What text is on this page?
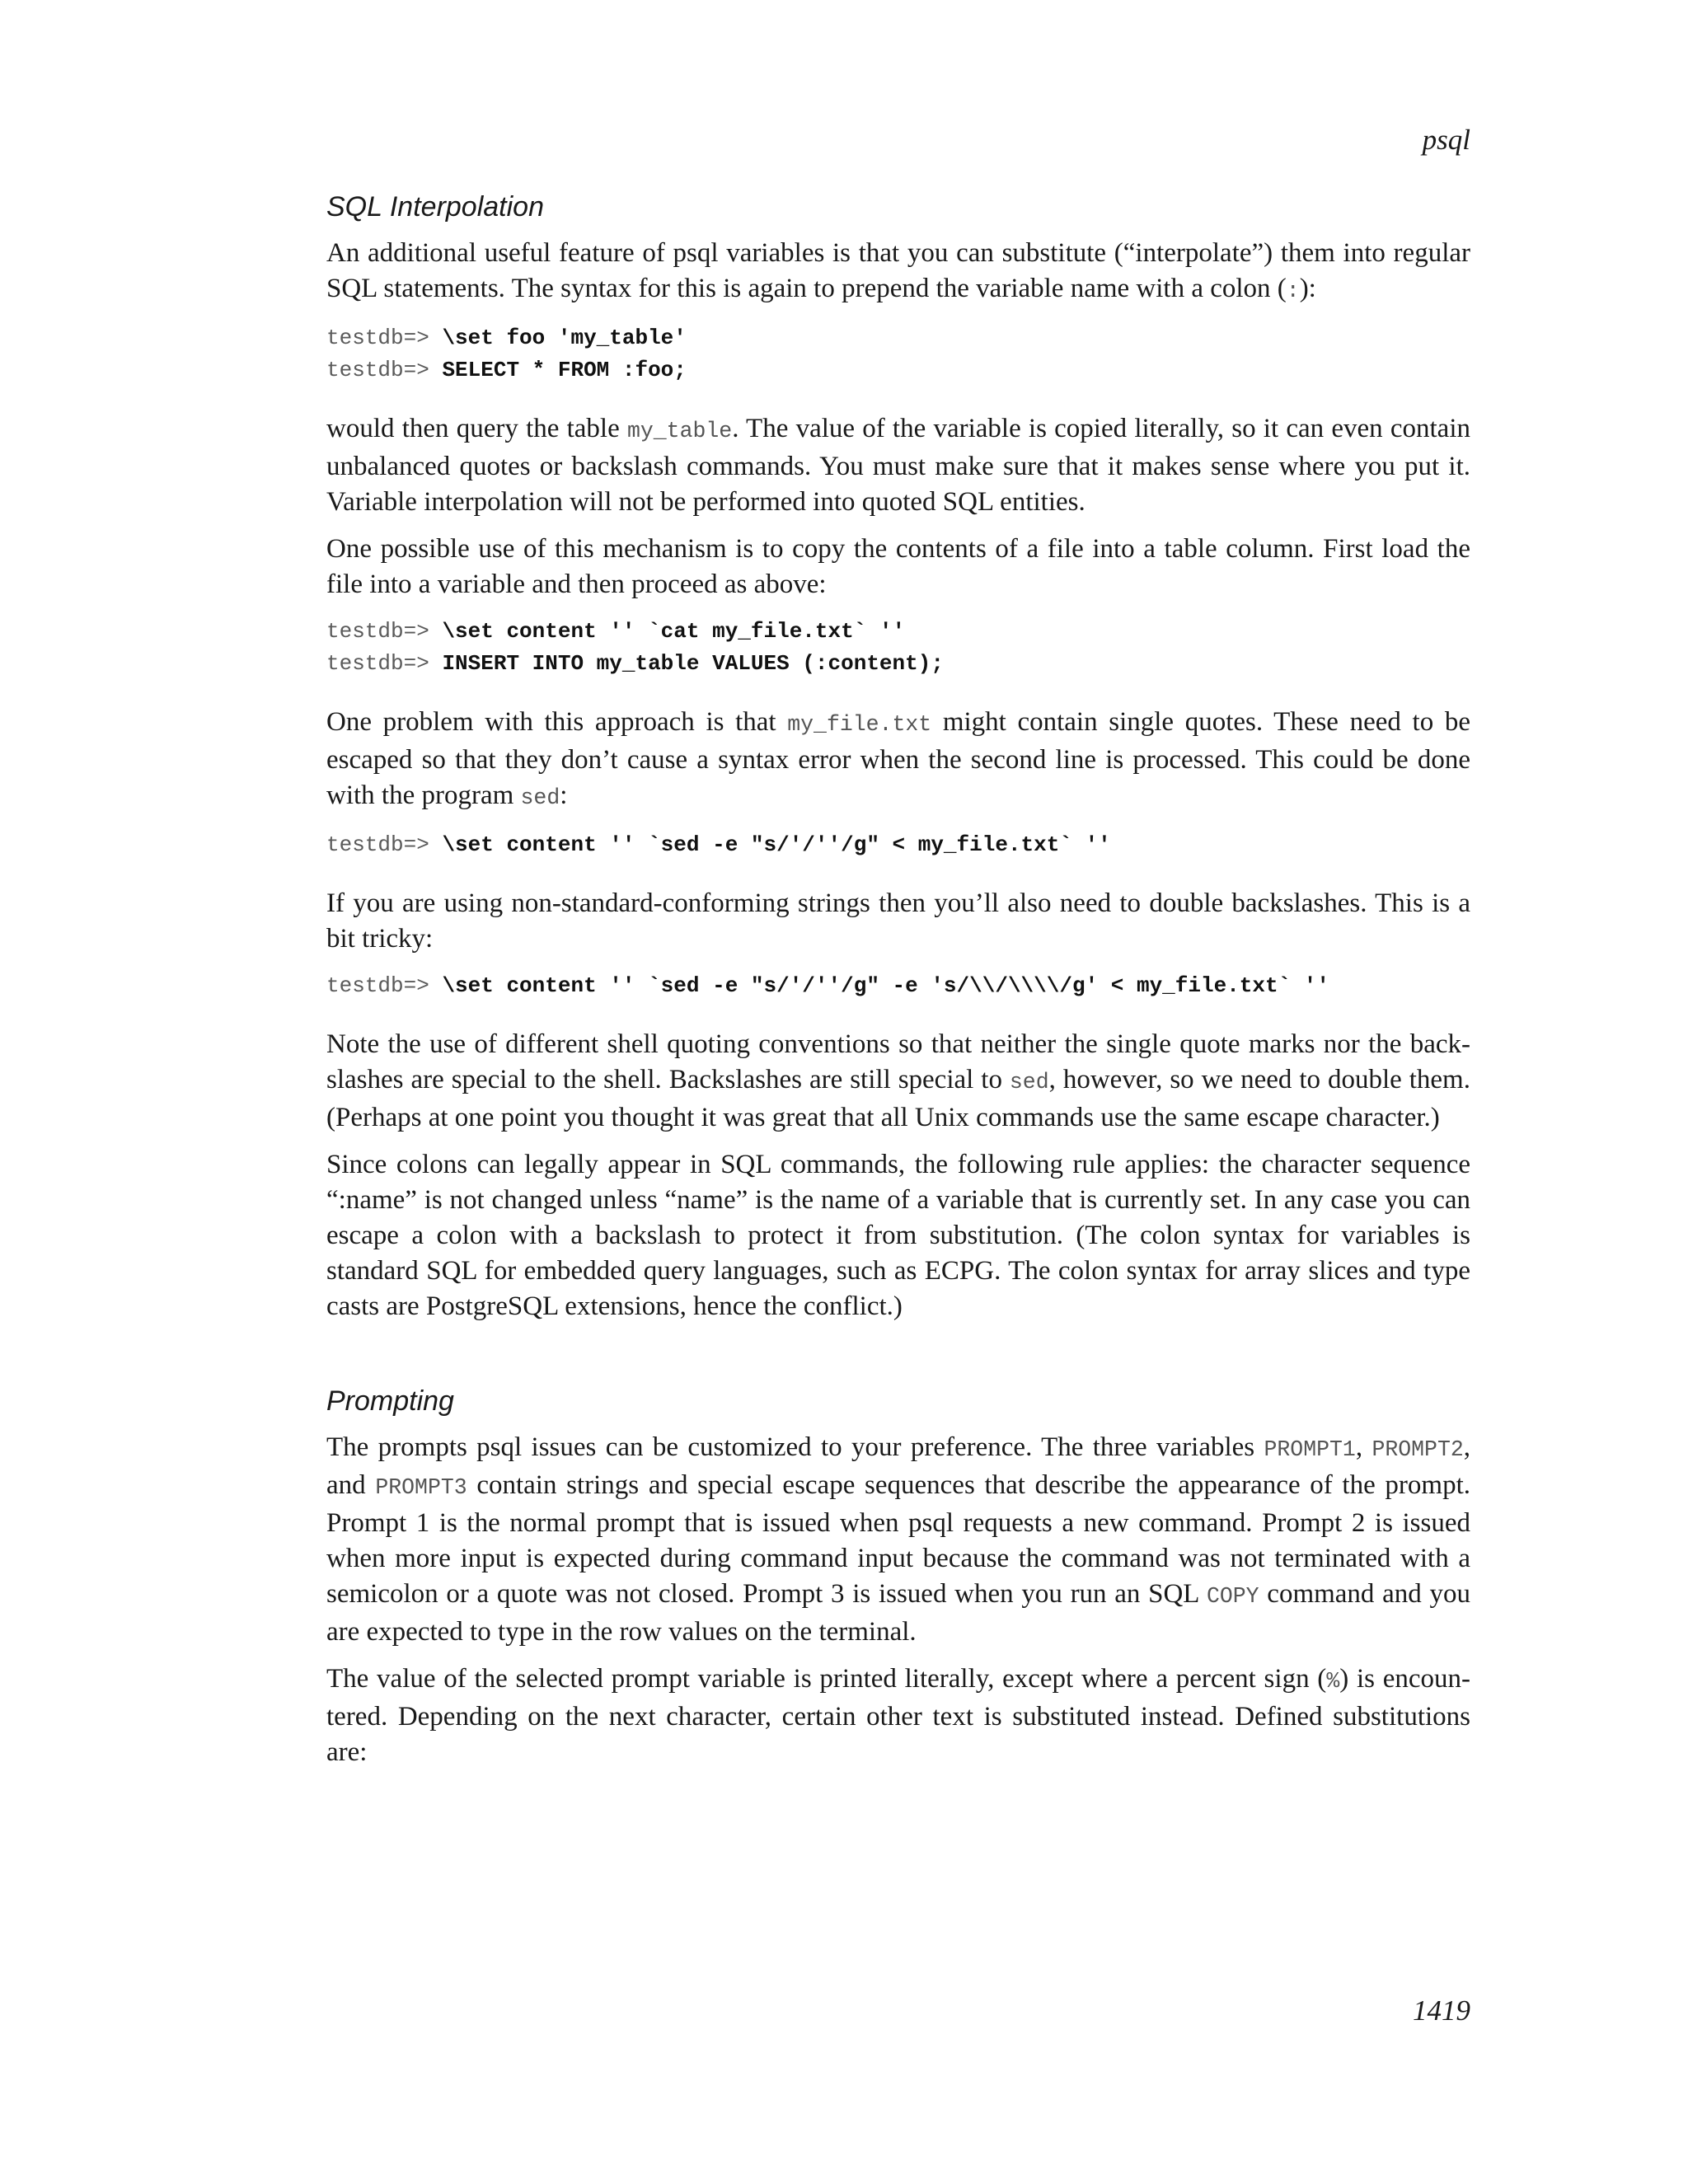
psql
SQL Interpolation

An additional useful feature of psql variables is that you can substitute (“interpolate”) them into regular SQL statements. The syntax for this is again to prepend the variable name with a colon (:):

testdb=> \set foo 'my_table'
testdb=> SELECT * FROM :foo;

would then query the table my_table. The value of the variable is copied literally, so it can even contain unbalanced quotes or backslash commands. You must make sure that it makes sense where you put it. Variable interpolation will not be performed into quoted SQL entities.

One possible use of this mechanism is to copy the contents of a file into a table column. First load the file into a variable and then proceed as above:

testdb=> \set content '' `cat my_file.txt` ''
testdb=> INSERT INTO my_table VALUES (:content);

One problem with this approach is that my_file.txt might contain single quotes. These need to be escaped so that they don’t cause a syntax error when the second line is processed. This could be done with the program sed:

testdb=> \set content '' `sed -e "s/'/''/g" < my_file.txt` ''

If you are using non-standard-conforming strings then you’ll also need to double backslashes. This is a bit tricky:

testdb=> \set content '' `sed -e "s/'/''/g" -e 's/\\/\\\\/g' < my_file.txt` ''

Note the use of different shell quoting conventions so that neither the single quote marks nor the back-slashes are special to the shell. Backslashes are still special to sed, however, so we need to double them. (Perhaps at one point you thought it was great that all Unix commands use the same escape character.)

Since colons can legally appear in SQL commands, the following rule applies: the character sequence “:name” is not changed unless “name” is the name of a variable that is currently set. In any case you can escape a colon with a backslash to protect it from substitution. (The colon syntax for variables is standard SQL for embedded query languages, such as ECPG. The colon syntax for array slices and type casts are PostgreSQL extensions, hence the conflict.)

Prompting

The prompts psql issues can be customized to your preference. The three variables PROMPT1, PROMPT2, and PROMPT3 contain strings and special escape sequences that describe the appearance of the prompt. Prompt 1 is the normal prompt that is issued when psql requests a new command. Prompt 2 is issued when more input is expected during command input because the command was not terminated with a semicolon or a quote was not closed. Prompt 3 is issued when you run an SQL COPY command and you are expected to type in the row values on the terminal.

The value of the selected prompt variable is printed literally, except where a percent sign (%) is encoun-tered. Depending on the next character, certain other text is substituted instead. Defined substitutions are:

1419
